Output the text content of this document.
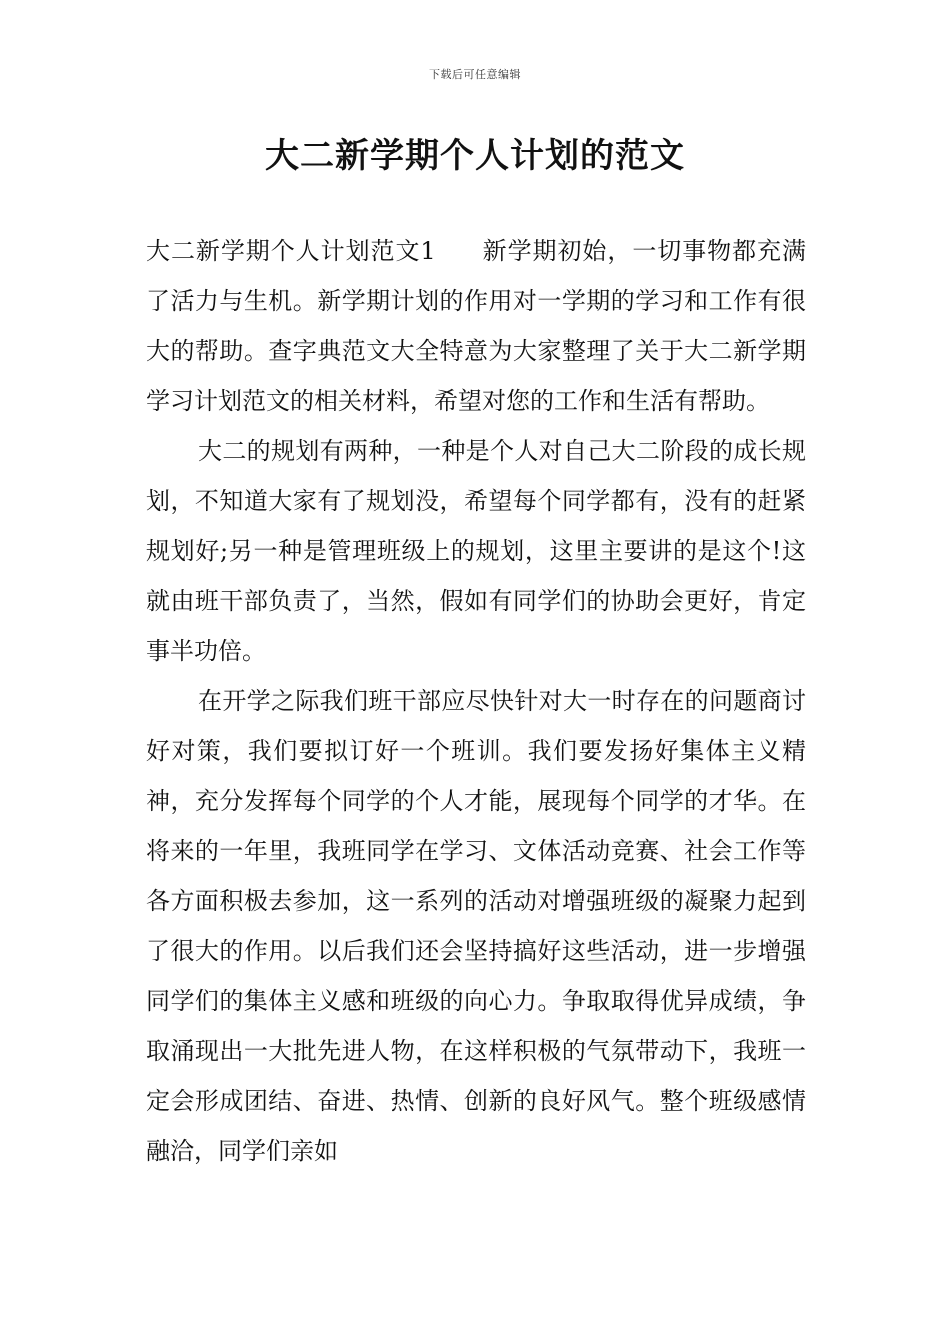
下载后可任意编辑
大二新学期个人计划的范文

大二新学期个人计划范文1 新学期初始，一切事物都充满了活力与生机。新学期计划的作用对一学期的学习和工作有很大的帮助。查字典范文大全特意为大家整理了关于大二新学期学习计划范文的相关材料，希望对您的工作和生活有帮助。

大二的规划有两种，一种是个人对自己大二阶段的成长规划，不知道大家有了规划没，希望每个同学都有，没有的赶紧规划好;另一种是管理班级上的规划，这里主要讲的是这个!这就由班干部负责了，当然，假如有同学们的协助会更好，肯定事半功倍。

在开学之际我们班干部应尽快针对大一时存在的问题商讨好对策，我们要拟订好一个班训。我们要发扬好集体主义精神，充分发挥每个同学的个人才能，展现每个同学的才华。在将来的一年里，我班同学在学习、文体活动竞赛、社会工作等各方面积极去参加，这一系列的活动对增强班级的凝聚力起到了很大的作用。以后我们还会坚持搞好这些活动，进一步增强同学们的集体主义感和班级的向心力。争取取得优异成绩，争取涌现出一大批先进人物，在这样积极的气氛带动下，我班一定会形成团结、奋进、热情、创新的良好风气。整个班级感情融洽，同学们亲如
